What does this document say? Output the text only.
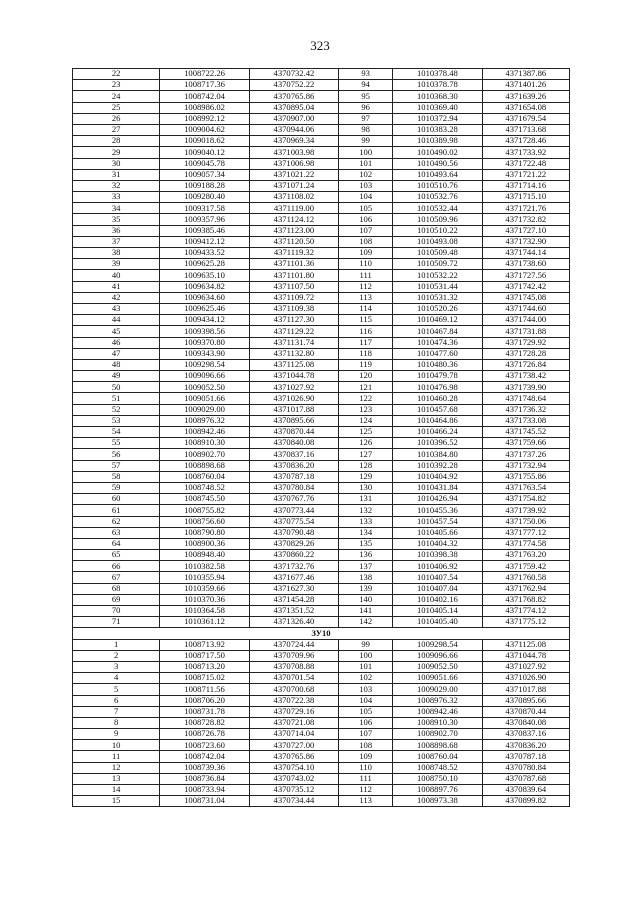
323
22	1008722.26	4370732.42	93	1010378.48	4371387.86
23	1008717.36	4370752.22	94	1010378.78	4371401.26
24	1008742.04	4370765.86	95	1010368.30	4371639.26
25	1008986.02	4370895.04	96	1010369.40	4371654.08
26	1008992.12	4370907.00	97	1010372.94	4371679.54
27	1009004.62	4370944.06	98	1010383.28	4371713.68
28	1009018.62	4370969.34	99	1010389.98	4371728.46
29	1009040.12	4371003.98	100	1010490.02	4371733.92
30	1009045.78	4371006.98	101	1010490.56	4371722.48
31	1009057.34	4371021.22	102	1010493.64	4371721.22
32	1009188.28	4371071.24	103	1010510.76	4371714.16
33	1009280.40	4371108.02	104	1010532.76	4371715.10
34	1009317.58	4371119.00	105	1010532.44	4371721.76
35	1009357.96	4371124.12	106	1010509.96	4371732.82
36	1009385.46	4371123.00	107	1010510.22	4371727.10
37	1009412.12	4371120.50	108	1010493.08	4371732.90
38	1009433.52	4371119.32	109	1010509.48	4371744.14
39	1009625.28	4371101.36	110	1010509.72	4371738.60
40	1009635.10	4371101.80	111	1010532.22	4371727.56
41	1009634.82	4371107.50	112	1010531.44	4371742.42
42	1009634.60	4371109.72	113	1010531.32	4371745.08
43	1009625.46	4371109.38	114	1010520.26	4371744.60
44	1009434.12	4371127.30	115	1010469.12	4371744.00
45	1009398.56	4371129.22	116	1010467.84	4371731.88
46	1009370.80	4371131.74	117	1010474.36	4371729.92
47	1009343.90	4371132.80	118	1010477.60	4371728.28
48	1009298.54	4371125.08	119	1010480.36	4371726.84
49	1009096.66	4371044.78	120	1010479.78	4371738.42
50	1009052.50	4371027.92	121	1010476.98	4371739.90
51	1009051.66	4371026.90	122	1010460.28	4371748.64
52	1009029.00	4371017.88	123	1010457.68	4371736.32
53	1008976.32	4370895.66	124	1010464.86	4371733.08
54	1008942.46	4370870.44	125	1010466.24	4371745.52
55	1008910.30	4370840.08	126	1010396.52	4371759.66
56	1008902.70	4370837.16	127	1010384.80	4371737.26
57	1008898.68	4370836.20	128	1010392.28	4371732.94
58	1008760.04	4370787.18	129	1010404.92	4371755.86
59	1008748.52	4370780.84	130	1010431.84	4371763.54
60	1008745.50	4370767.76	131	1010426.94	4371754.82
61	1008755.82	4370773.44	132	1010455.36	4371739.92
62	1008756.60	4370775.54	133	1010457.54	4371750.06
63	1008790.80	4370790.48	134	1010405.66	4371777.12
64	1008900.36	4370829.26	135	1010404.32	4371774.58
65	1008948.40	4370860.22	136	1010398.38	4371763.20
66	1010382.58	4371732.76	137	1010406.92	4371759.42
67	1010355.94	4371677.46	138	1010407.54	4371760.58
68	1010359.66	4371627.30	139	1010407.04	4371762.94
69	1010370.36	4371454.28	140	1010402.16	4371768.82
70	1010364.58	4371351.52	141	1010405.14	4371774.12
71	1010361.12	4371326.40	142	1010405.40	4371775.12
ЗУ10					
1	1008713.92	4370724.44	99	1009298.54	4371125.08
2	1008717.50	4370709.96	100	1009096.66	4371044.78
3	1008713.20	4370708.88	101	1009052.50	4371027.92
4	1008715.02	4370701.54	102	1009051.66	4371026.90
5	1008711.56	4370700.68	103	1009029.00	4371017.88
6	1008706.20	4370722.38	104	1008976.32	4370895.66
7	1008731.78	4370729.16	105	1008942.46	4370870.44
8	1008728.82	4370721.08	106	1008910.30	4370840.08
9	1008726.78	4370714.04	107	1008902.70	4370837.16
10	1008723.60	4370727.00	108	1008898.68	4370836.20
11	1008742.04	4370765.86	109	1008760.04	4370787.18
12	1008739.36	4370754.10	110	1008748.52	4370780.84
13	1008736.84	4370743.02	111	1008750.10	4370787.68
14	1008733.94	4370735.12	112	1008897.76	4370839.64
15	1008731.04	4370734.44	113	1008973.38	4370899.82
